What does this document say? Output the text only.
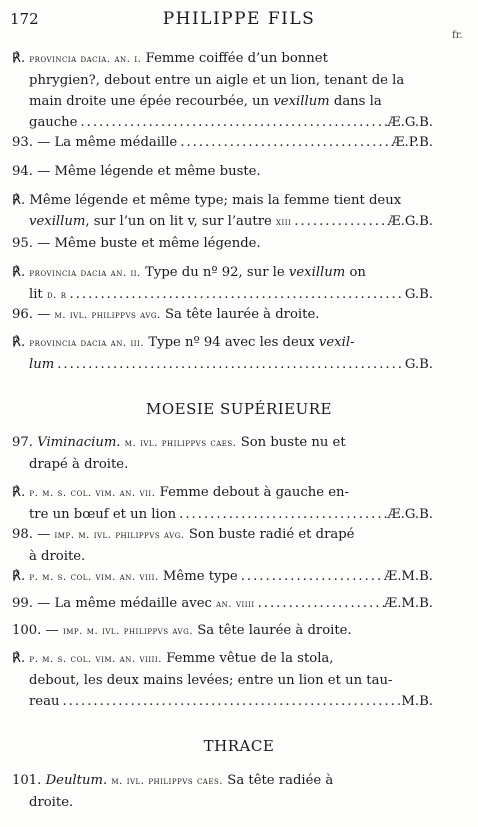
172	PHILIPPE FILS
fr.
℟. provincia dacia. an. i. Femme coiffée d’un bonnet
phrygien?, debout entre un aigle et un lion, tenant de la
main droite une épée recourbée, un vexillum dans la
gauche .....	Æ.G.B.
93. — La même médaille .....	Æ.P.B.
94. — Même légende et même buste.
℟. Même légende et même type; mais la femme tient deux
vexillum, sur l’un on lit v, sur l’autre xiii .....	Æ.G.B.
95. — Même buste et même légende.
℟. provincia dacia an. ii. Type du nº 92, sur le vexillum on
lit d. r .....	G.B.
96. — m. ivl. philippvs avg. Sa tête laurée à droite.
℟. provincia dacia an. iii. Type nº 94 avec les deux vexil-
lum .....	G.B.
MOESIE SUPÉRIEURE
97. Viminacium. m. ivl. philippvs caes. Son buste nu et
drapé à droite.
℟. p. m. s. col. vim. an. vii. Femme debout à gauche en-
tre un bœuf et un lion .....	Æ.G.B.
98. — imp. m. ivl. philippvs avg. Son buste radié et drapé
à droite.
℟. p. m. s. col. vim. an. viii. Même type .....	Æ.M.B.
99. — La même médaille avec an. viiii .....	Æ.M.B.
100. — imp. m. ivl. philippvs avg. Sa tête laurée à droite.
℟. p. m. s. col. vim. an. viiii. Femme vêtue de la stola,
debout, les deux mains levées; entre un lion et un tau-
reau .....	M.B.
THRACE
101. Deultum. m. ivl. philippvs caes. Sa tête radiée à
droite.
